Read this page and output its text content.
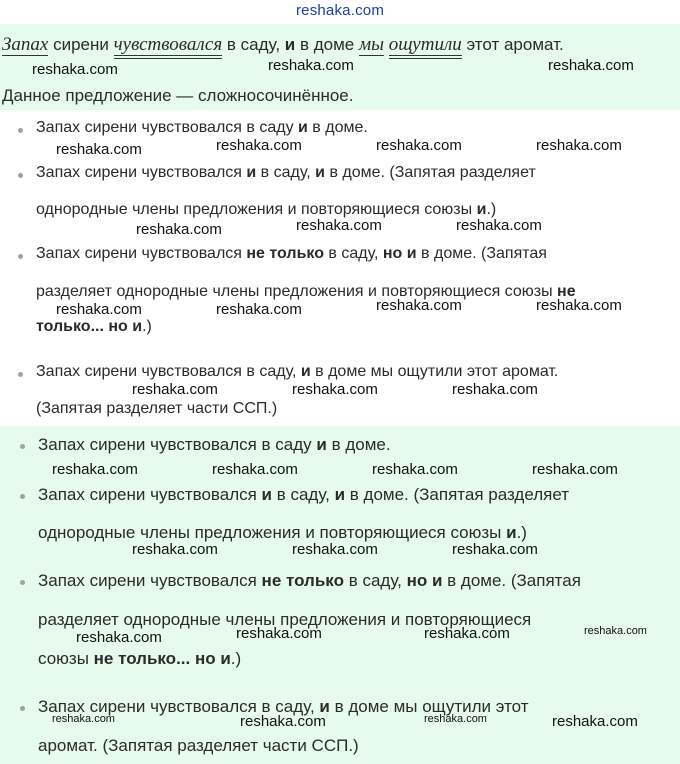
reshaka.com
Запах сирени чувствовался в саду, и в доме мы ощутили этот аромат.
Данное предложение — сложносочинённое.
Запах сирени чувствовался в саду и в доме.
Запах сирени чувствовался и в саду, и в доме. (Запятая разделяет
однородные члены предложения и повторяющиеся союзы и.)
Запах сирени чувствовался не только в саду, но и в доме. (Запятая
разделяет однородные члены предложения и повторяющиеся союзы не
только... но и.)
Запах сирени чувствовался в саду, и в доме мы ощутили этот аромат.
(Запятая разделяет части ССП.)
Запах сирени чувствовался в саду и в доме.
Запах сирени чувствовался и в саду, и в доме. (Запятая разделяет
однородные члены предложения и повторяющиеся союзы и.)
Запах сирени чувствовался не только в саду, но и в доме. (Запятая
разделяет однородные члены предложения и повторяющиеся
союзы не только... но и.)
Запах сирени чувствовался в саду, и в доме мы ощутили этот
аромат. (Запятая разделяет части ССП.)
reshaka.com	reshaka.com	reshaka.com
reshaka.com	reshaka.com	reshaka.com	reshaka.com
reshaka.com	reshaka.com	reshaka.com
reshaka.com	reshaka.com	reshaka.com	reshaka.com
reshaka.com	reshaka.com	reshaka.com
reshaka.com	reshaka.com	reshaka.com	reshaka.com
reshaka.com	reshaka.com	reshaka.com
reshaka.com	reshaka.com	reshaka.com	reshaka.com
reshaka.com	reshaka.com	reshaka.com	reshaka.com
